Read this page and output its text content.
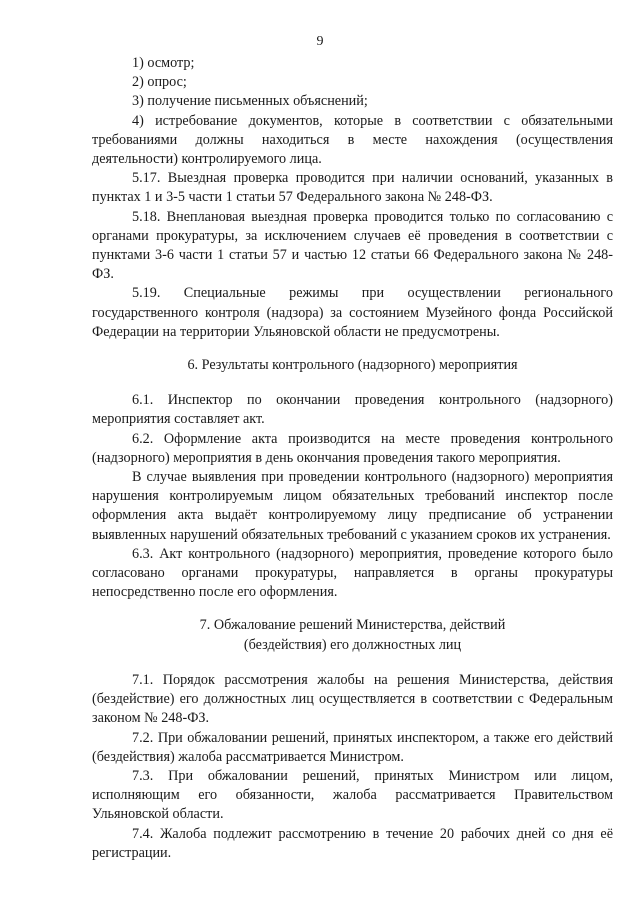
9

1) осмотр;

2) опрос;

3) получение письменных объяснений;

4) истребование документов, которые в соответствии с обязательными требованиями должны находиться в месте нахождения (осуществления деятельности) контролируемого лица.

5.17. Выездная проверка проводится при наличии оснований, указанных в пунктах 1 и 3-5 части 1 статьи 57 Федерального закона № 248-ФЗ.

5.18. Внеплановая выездная проверка проводится только по согласованию с органами прокуратуры, за исключением случаев её проведения в соответствии с пунктами 3-6 части 1 статьи 57 и частью 12 статьи 66 Федерального закона № 248-ФЗ.

5.19. Специальные режимы при осуществлении регионального государственного контроля (надзора) за состоянием Музейного фонда Российской Федерации на территории Ульяновской области не предусмотрены.

6. Результаты контрольного (надзорного) мероприятия

6.1. Инспектор по окончании проведения контрольного (надзорного) мероприятия составляет акт.

6.2. Оформление акта производится на месте проведения контрольного (надзорного) мероприятия в день окончания проведения такого мероприятия.

В случае выявления при проведении контрольного (надзорного) мероприятия нарушения контролируемым лицом обязательных требований инспектор после оформления акта выдаёт контролируемому лицу предписание об устранении выявленных нарушений обязательных требований с указанием сроков их устранения.

6.3. Акт контрольного (надзорного) мероприятия, проведение которого было согласовано органами прокуратуры, направляется в органы прокуратуры непосредственно после его оформления.

7. Обжалование решений Министерства, действий

(бездействия) его должностных лиц

7.1. Порядок рассмотрения жалобы на решения Министерства, действия (бездействие) его должностных лиц осуществляется в соответствии с Федеральным законом № 248-ФЗ.

7.2. При обжаловании решений, принятых инспектором, а также его действий (бездействия) жалоба рассматривается Министром.

7.3. При обжаловании решений, принятых Министром или лицом, исполняющим его обязанности, жалоба рассматривается Правительством Ульяновской области.

7.4. Жалоба подлежит рассмотрению в течение 20 рабочих дней со дня её регистрации.
